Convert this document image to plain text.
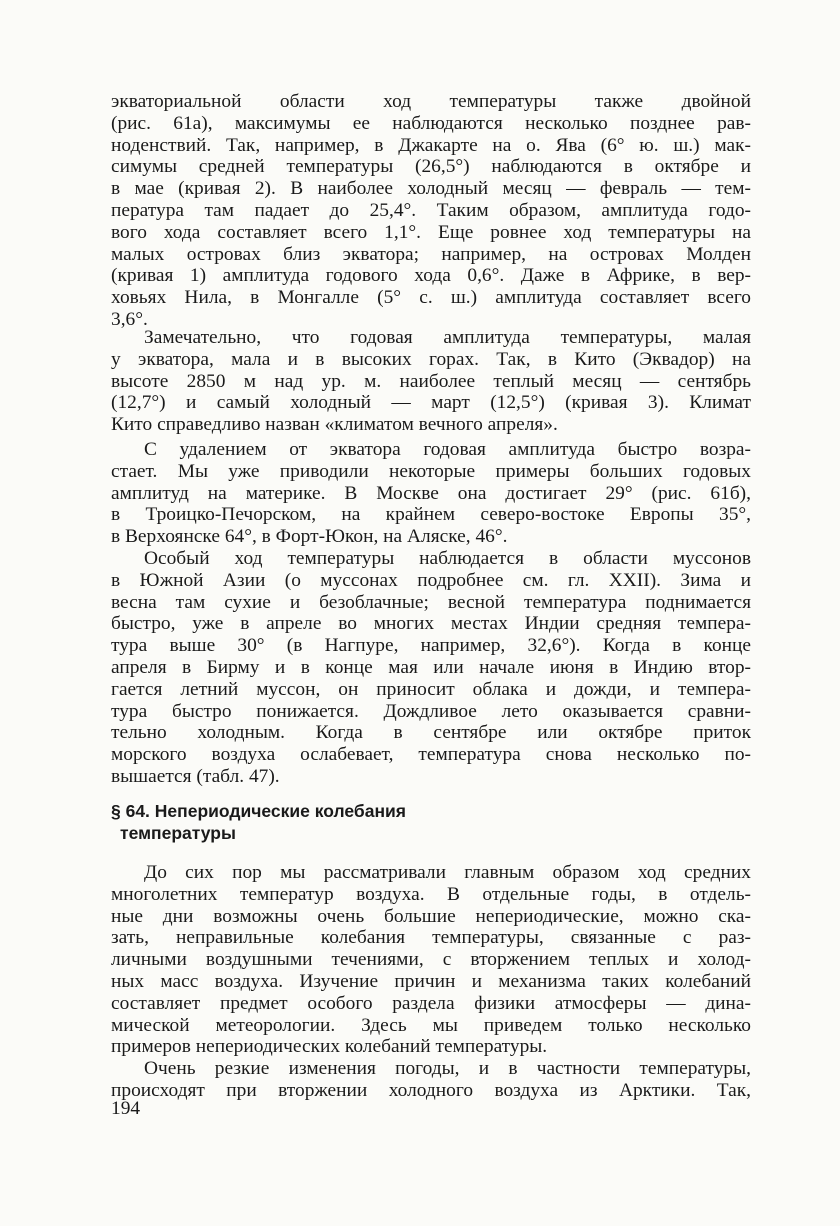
экваториальной области ход температуры также двойной
(рис. 61а), максимумы ее наблюдаются несколько позднее рав-
ноденствий. Так, например, в Джакарте на о. Ява (6° ю. ш.) мак-
симумы средней температуры (26,5°) наблюдаются в октябре и
в мае (кривая 2). В наиболее холодный месяц — февраль — тем-
пература там падает до 25,4°. Таким образом, амплитуда годо-
вого хода составляет всего 1,1°. Еще ровнее ход температуры на
малых островах близ экватора; например, на островах Молден
(кривая 1) амплитуда годового хода 0,6°. Даже в Африке, в вер-
ховьях Нила, в Монгалле (5° с. ш.) амплитуда составляет всего
3,6°.
Замечательно, что годовая амплитуда температуры, малая
у экватора, мала и в высоких горах. Так, в Кито (Эквадор) на
высоте 2850 м над ур. м. наиболее теплый месяц — сентябрь
(12,7°) и самый холодный — март (12,5°) (кривая 3). Климат
Кито справедливо назван «климатом вечного апреля».
С удалением от экватора годовая амплитуда быстро возра-
стает. Мы уже приводили некоторые примеры больших годовых
амплитуд на материке. В Москве она достигает 29° (рис. 61б),
в Троицко-Печорском, на крайнем северо-востоке Европы 35°,
в Верхоянске 64°, в Форт-Юкон, на Аляске, 46°.
Особый ход температуры наблюдается в области муссонов
в Южной Азии (о муссонах подробнее см. гл. XXII). Зима и
весна там сухие и безоблачные; весной температура поднимается
быстро, уже в апреле во многих местах Индии средняя темпера-
тура выше 30° (в Нагпуре, например, 32,6°). Когда в конце
апреля в Бирму и в конце мая или начале июня в Индию втор-
гается летний муссон, он приносит облака и дожди, и темпера-
тура быстро понижается. Дождливое лето оказывается сравни-
тельно холодным. Когда в сентябре или октябре приток
морского воздуха ослабевает, температура снова несколько по-
вышается (табл. 47).
§ 64. Непериодические колебания
температуры
До сих пор мы рассматривали главным образом ход средних
многолетних температур воздуха. В отдельные годы, в отдель-
ные дни возможны очень большие непериодические, можно ска-
зать, неправильные колебания температуры, связанные с раз-
личными воздушными течениями, с вторжением теплых и холод-
ных масс воздуха. Изучение причин и механизма таких колебаний
составляет предмет особого раздела физики атмосферы — дина-
мической метеорологии. Здесь мы приведем только несколько
примеров непериодических колебаний температуры.
Очень резкие изменения погоды, и в частности температуры,
происходят при вторжении холодного воздуха из Арктики. Так,
194
